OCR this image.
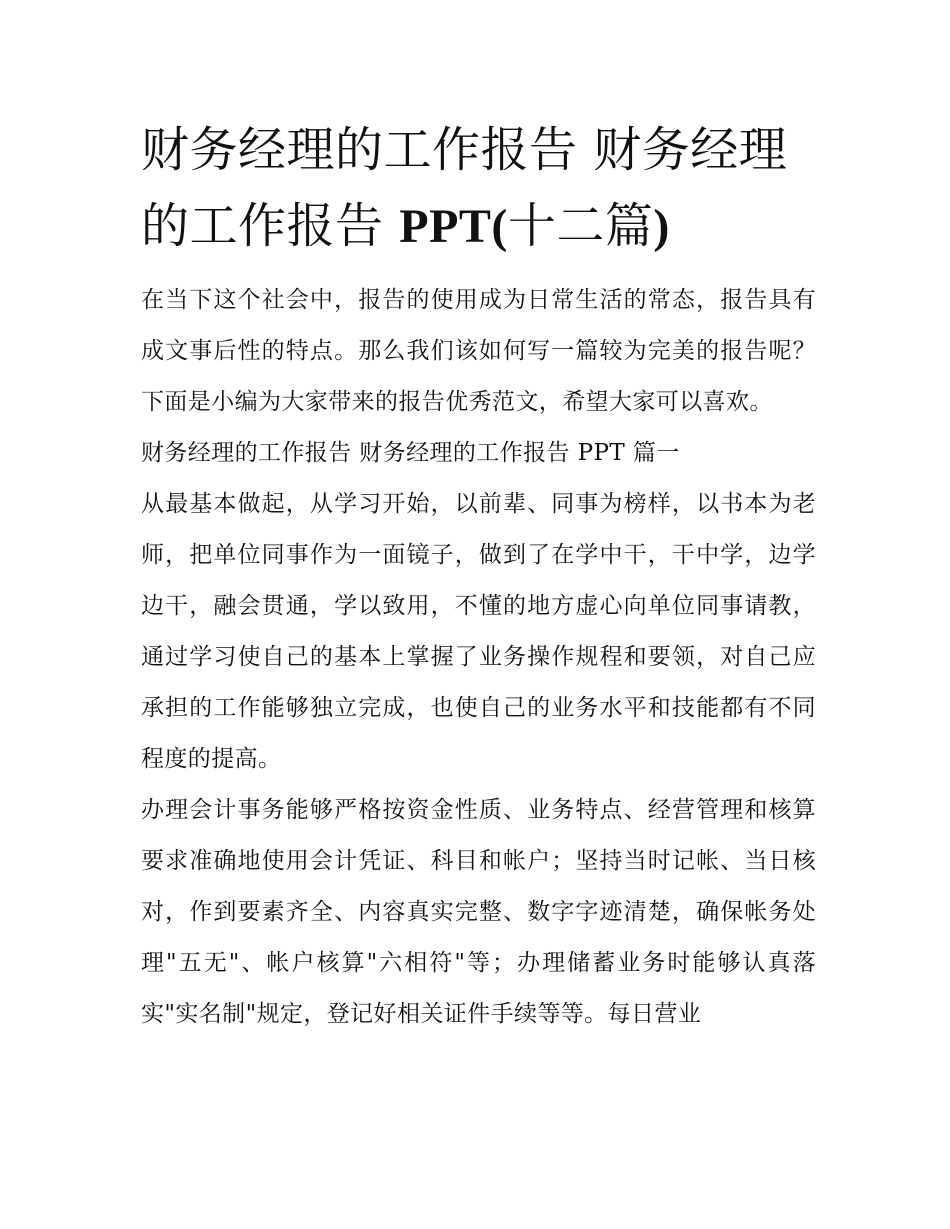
财务经理的工作报告 财务经理的工作报告 PPT(十二篇)

在当下这个社会中，报告的使用成为日常生活的常态，报告具有成文事后性的特点。那么我们该如何写一篇较为完美的报告呢？下面是小编为大家带来的报告优秀范文，希望大家可以喜欢。

财务经理的工作报告 财务经理的工作报告 PPT 篇一

从最基本做起，从学习开始，以前辈、同事为榜样，以书本为老师，把单位同事作为一面镜子，做到了在学中干，干中学，边学边干，融会贯通，学以致用，不懂的地方虚心向单位同事请教，通过学习使自己的基本上掌握了业务操作规程和要领，对自己应承担的工作能够独立完成，也使自己的业务水平和技能都有不同程度的提高。

办理会计事务能够严格按资金性质、业务特点、经营管理和核算要求准确地使用会计凭证、科目和帐户；坚持当时记帐、当日核对，作到要素齐全、内容真实完整、数字字迹清楚，确保帐务处理"五无"、帐户核算"六相符"等；办理储蓄业务时能够认真落实"实名制"规定，登记好相关证件手续等等。每日营业
